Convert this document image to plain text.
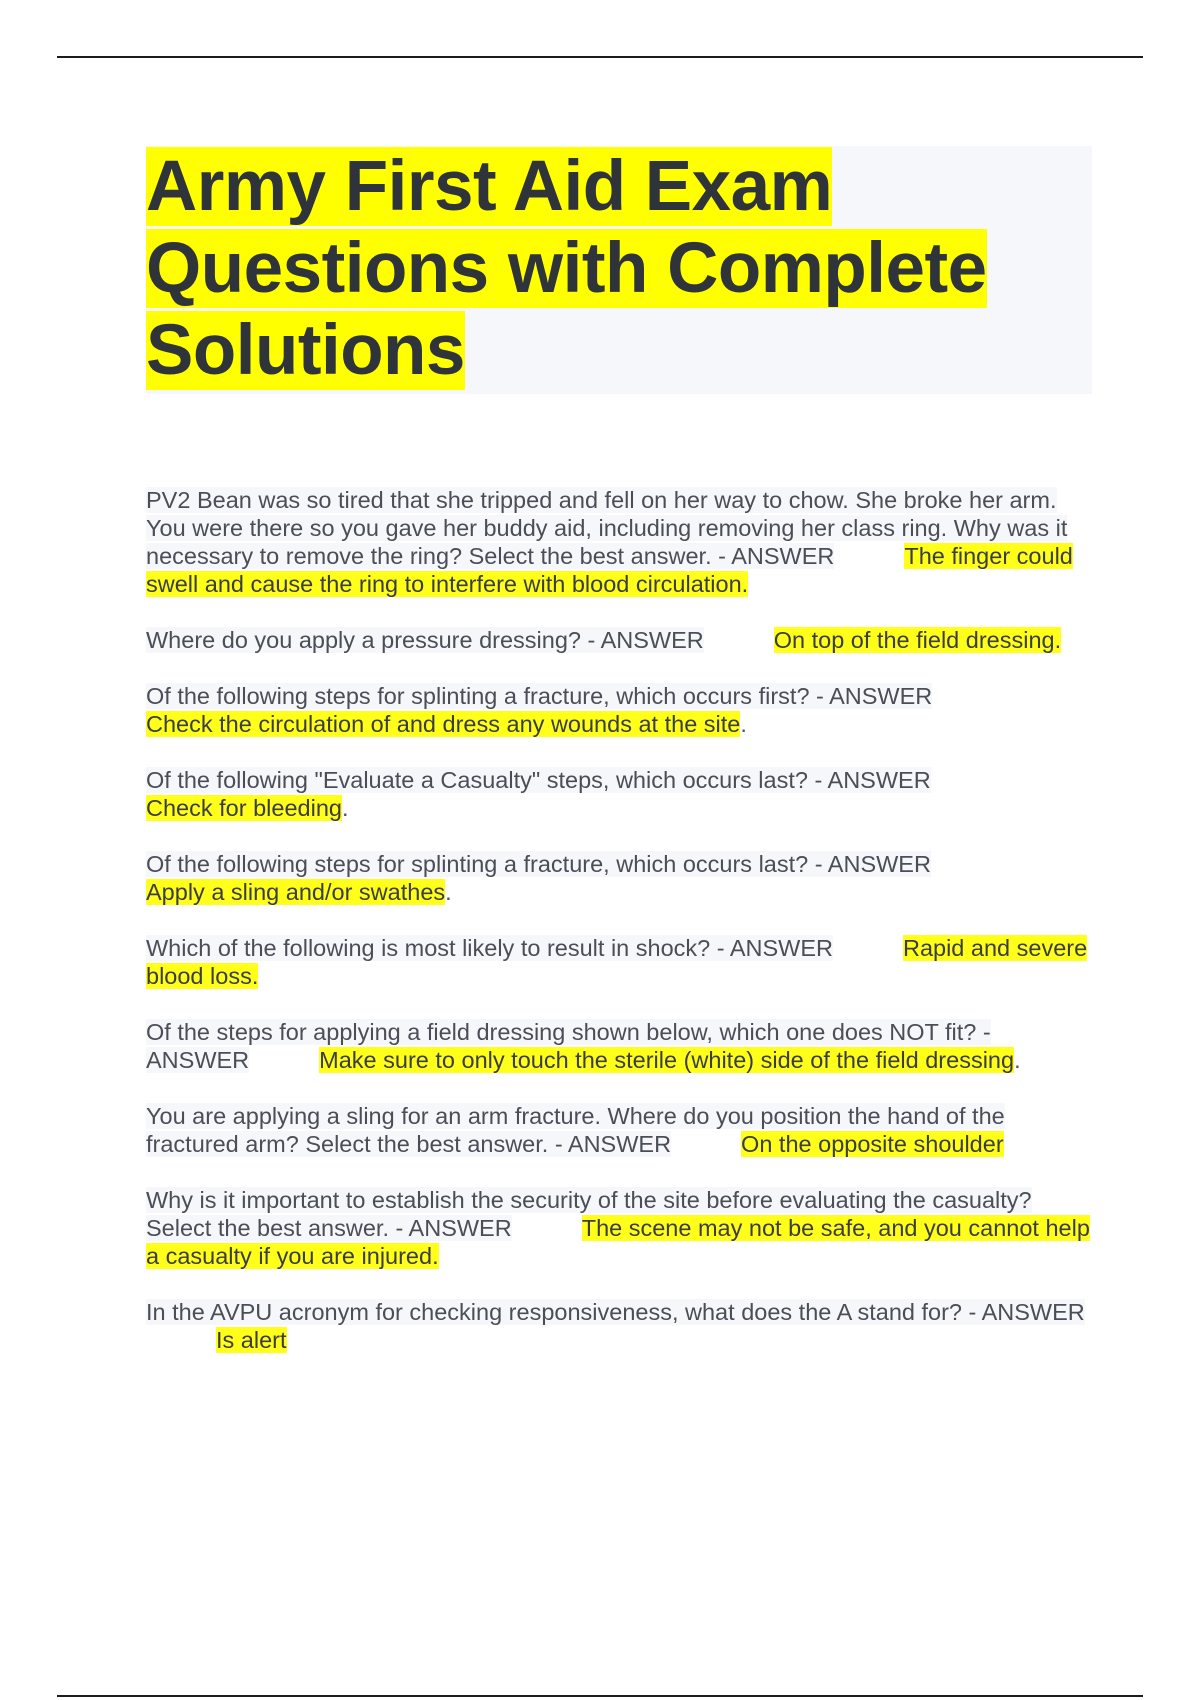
Army First Aid Exam
Questions with Complete
Solutions

PV2 Bean was so tired that she tripped and fell on her way to chow. She broke her arm. You were there so you gave her buddy aid, including removing her class ring. Why was it necessary to remove the ring? Select the best answer. - ANSWER	The finger could swell and cause the ring to interfere with blood circulation.

Where do you apply a pressure dressing? - ANSWER	On top of the field dressing.

Of the following steps for splinting a fracture, which occurs first? - ANSWER
Check the circulation of and dress any wounds at the site.

Of the following "Evaluate a Casualty" steps, which occurs last? - ANSWER
Check for bleeding.

Of the following steps for splinting a fracture, which occurs last? - ANSWER
Apply a sling and/or swathes.

Which of the following is most likely to result in shock? - ANSWER	Rapid and severe blood loss.

Of the steps for applying a field dressing shown below, which one does NOT fit? - ANSWER	Make sure to only touch the sterile (white) side of the field dressing.

You are applying a sling for an arm fracture. Where do you position the hand of the fractured arm? Select the best answer. - ANSWER	On the opposite shoulder

Why is it important to establish the security of the site before evaluating the casualty? Select the best answer. - ANSWER	The scene may not be safe, and you cannot help a casualty if you are injured.

In the AVPU acronym for checking responsiveness, what does the A stand for? - ANSWERIs alert
